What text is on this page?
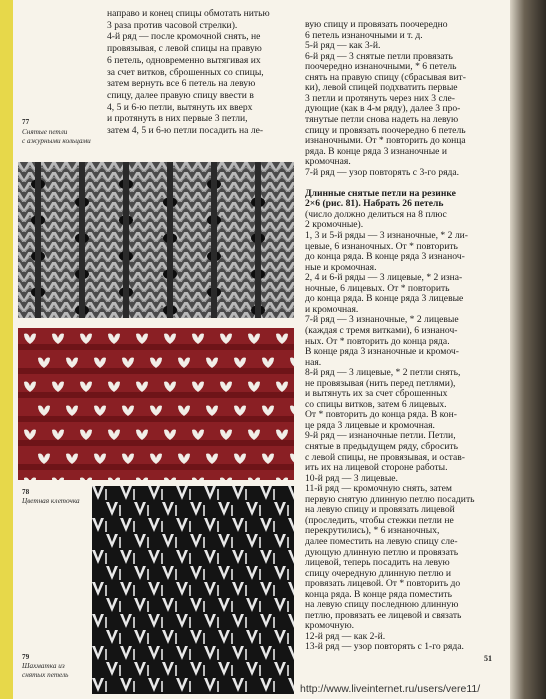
направо и конец спицы обмотать нитью
3 раза против часовой стрелки).
4-й ряд — после кромочной снять, не
провязывая, с левой спицы на правую
6 петель, одновременно вытягивая их
за счет витков, сброшенных со спицы,
затем вернуть все 6 петель на левую
спицу, далее правую спицу ввести в
4, 5 и 6-ю петли, вытянуть их вверх
и протянуть в них первые 3 петли,
затем 4, 5 и 6-ю петли посадить на ле-
вую спицу и провязать поочередно
6 петель изнаночными и т. д.
5-й ряд — как 3-й.
6-й ряд — 3 снятые петли провязать
поочередно изнаночными, * 6 петель
снять на правую спицу (сбрасывая вит-
ки), левой спицей подхватить первые
3 петли и протянуть через них 3 сле-
дующие (как в 4-м ряду), далее 3 про-
тянутые петли снова надеть на левую
спицу и провязать поочередно 6 петель
изнаночными. От * повторить до конца
ряда. В конце ряда 3 изнаночные и
кромочная.
7-й ряд — узор повторять с 3-го ряда.
Длинные снятые петли на резинке
2×6 (рис. 81). Набрать 26 петель
(число должно делиться на 8 плюс
2 кромочные).
1, 3 и 5-й ряды — 3 изнаночные, * 2 ли-
цевые, 6 изнаночных. От * повторить
до конца ряда. В конце ряда 3 изнаноч-
ные и кромочная.
2, 4 и 6-й ряды — 3 лицевые, * 2 изна-
ночные, 6 лицевых. От * повторить
до конца ряда. В конце ряда 3 лицевые
и кромочная.
7-й ряд — 3 изнаночные, * 2 лицевые
(каждая с тремя витками), 6 изнаноч-
ных. От * повторить до конца ряда.
В конце ряда 3 изнаночные и кромоч-
ная.
8-й ряд — 3 лицевые, * 2 петли снять,
не провязывая (нить перед петлями),
и вытянуть их за счет сброшенных
со спицы витков, затем 6 лицевых.
От * повторить до конца ряда. В кон-
це ряда 3 лицевые и кромочная.
9-й ряд — изнаночные петли. Петли,
снятые в предыдущем ряду, сбросить
с левой спицы, не провязывая, и остав-
ить их на лицевой стороне работы.
10-й ряд — 3 лицевые.
11-й ряд — кромочную снять, затем
первую снятую длинную петлю посадить
на левую спицу и провязать лицевой
(проследить, чтобы стежки петли не
перекрутились), * 6 изнаночных,
далее поместить на левую спицу сле-
дующую длинную петлю и провязать
лицевой, теперь посадить на левую
спицу очередную длинную петлю и
провязать лицевой. От * повторить до
конца ряда. В конце ряда поместить
на левую спицу последнюю длинную
петлю, провязать ее лицевой и связать
кромочную.
12-й ряд — как 2-й.
13-й ряд — узор повторять с 1-го ряда.
77
Снятые петли
с ажурными кольцами
78
Цветная клеточка
79
Шахматка из
снятых петель
51
http://www.liveinternet.ru/users/vere11/
